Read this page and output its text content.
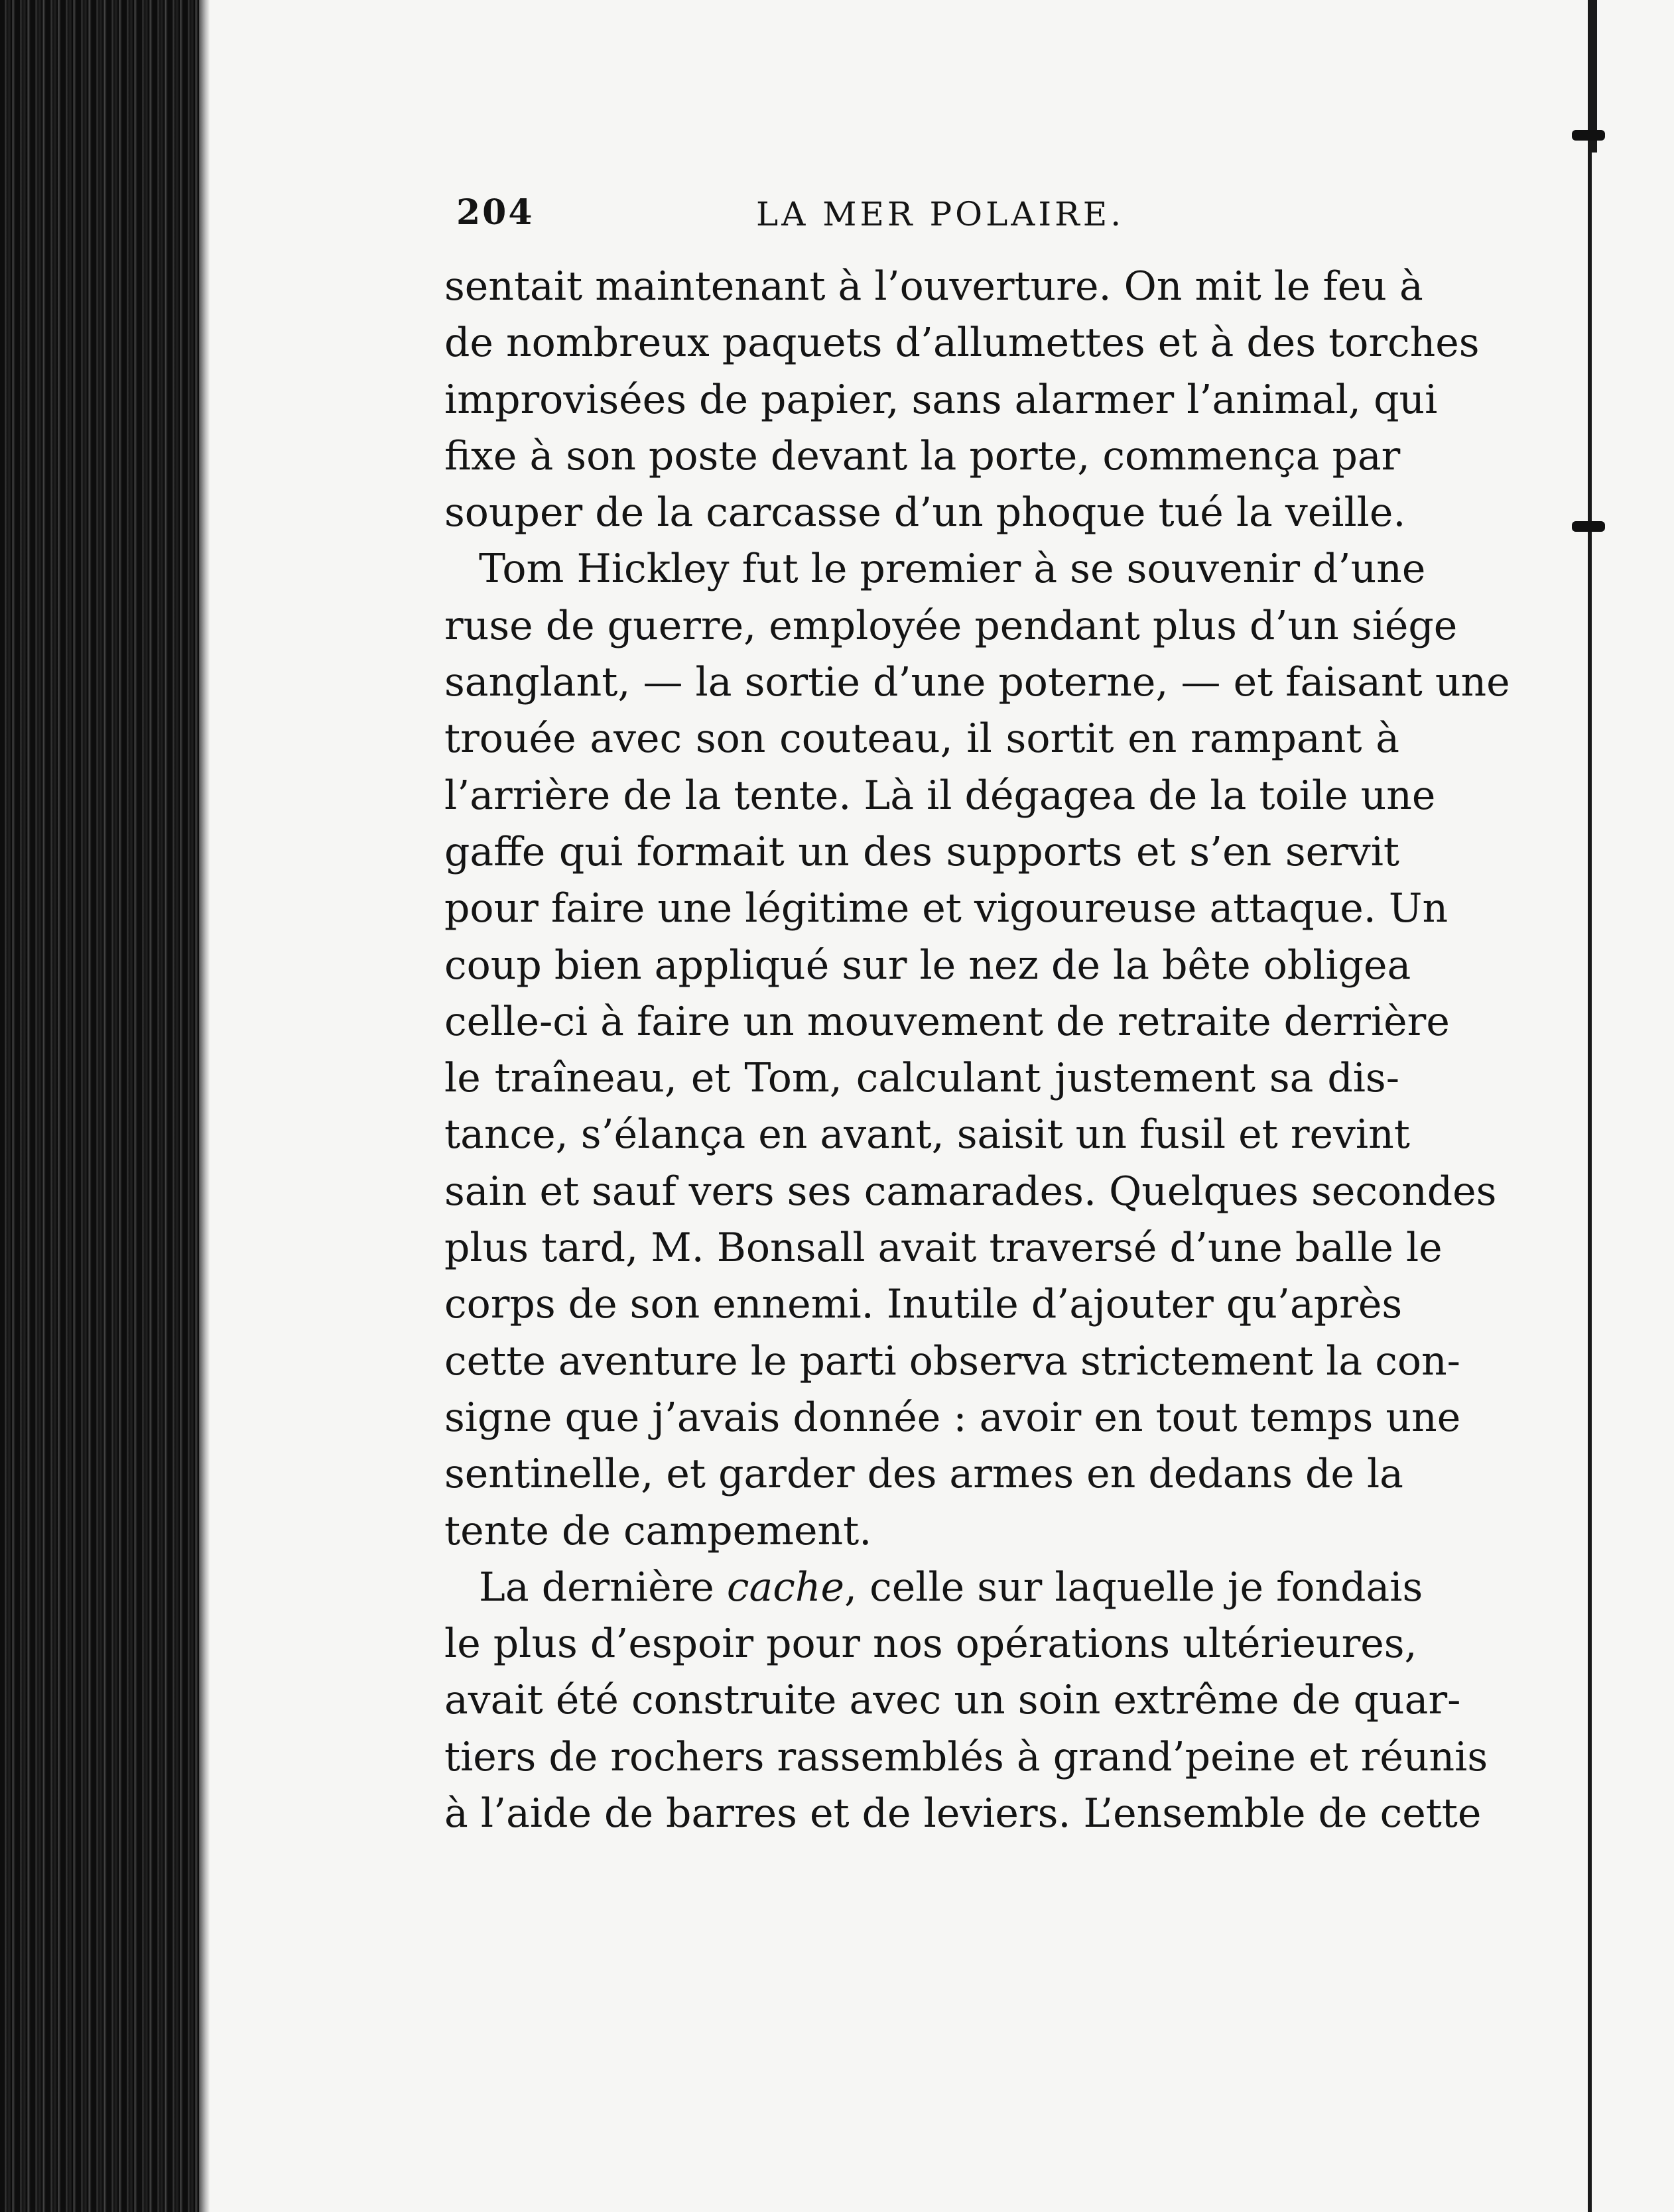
204	LA MER POLAIRE.
sentait maintenant à l’ouverture. On mit le feu à
de nombreux paquets d’allumettes et à des torches
improvisées de papier, sans alarmer l’animal, qui
fixe à son poste devant la porte, commença par
souper de la carcasse d’un phoque tué la veille.
Tom Hickley fut le premier à se souvenir d’une
ruse de guerre, employée pendant plus d’un siége
sanglant, — la sortie d’une poterne, — et faisant une
trouée avec son couteau, il sortit en rampant à
l’arrière de la tente. Là il dégagea de la toile une
gaffe qui formait un des supports et s’en servit
pour faire une légitime et vigoureuse attaque. Un
coup bien appliqué sur le nez de la bête obligea
celle-ci à faire un mouvement de retraite derrière
le traîneau, et Tom, calculant justement sa dis-
tance, s’élança en avant, saisit un fusil et revint
sain et sauf vers ses camarades. Quelques secondes
plus tard, M. Bonsall avait traversé d’une balle le
corps de son ennemi. Inutile d’ajouter qu’après
cette aventure le parti observa strictement la con-
signe que j’avais donnée : avoir en tout temps une
sentinelle, et garder des armes en dedans de la
tente de campement.
La dernière cache, celle sur laquelle je fondais
le plus d’espoir pour nos opérations ultérieures,
avait été construite avec un soin extrême de quar-
tiers de rochers rassemblés à grand’peine et réunis
à l’aide de barres et de leviers. L’ensemble de cette
